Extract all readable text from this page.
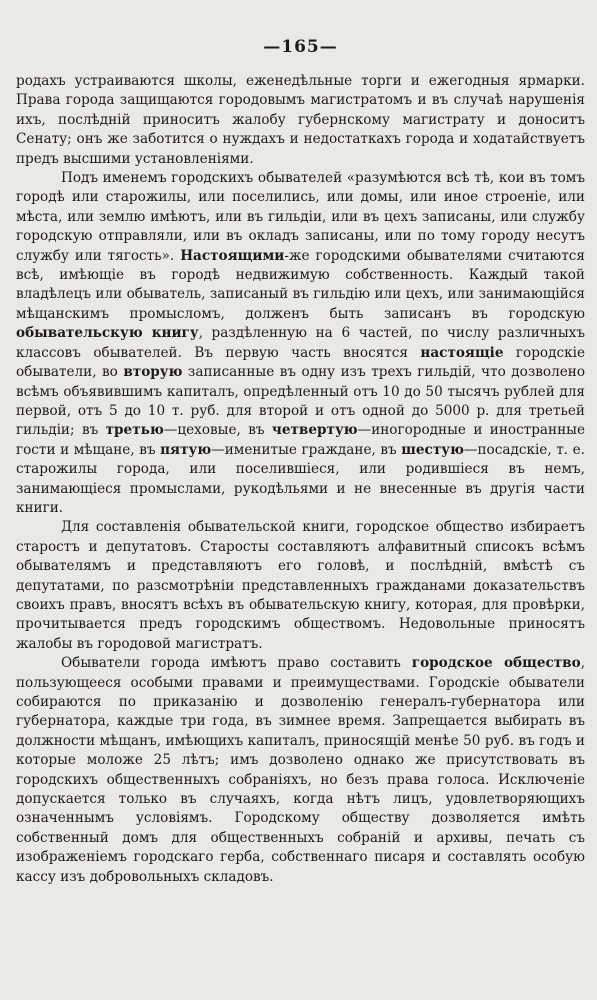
—165—

родахъ устраиваются школы, еженедѣльные торги и ежегодныя ярмарки. Права города защищаются городовымъ магистратомъ и въ случаѣ нарушенія ихъ, послѣдній приноситъ жалобу губернскому магистрату и доноситъ Сенату; онъ же заботится о нуждахъ и недостаткахъ города и ходатайствуетъ предъ высшими установленіями.

Подъ именемъ городскихъ обывателей «разумѣются всѣ тѣ, кои въ томъ городѣ или старожилы, или поселились, или домы, или иное строеніе, или мѣста, или землю имѣютъ, или въ гильдіи, или въ цехъ записаны, или службу городскую отправляли, или въ окладъ записаны, или по тому городу несутъ службу или тягость». Настоящими-же городскими обывателями считаются всѣ, имѣющіе въ городѣ недвижимую собственность. Каждый такой владѣлецъ или обыватель, записаный въ гильдію или цехъ, или занимающійся мѣщанскимъ промысломъ, долженъ быть записанъ въ городскую обывательскую книгу, раздѣленную на 6 частей, по числу различныхъ классовъ обывателей. Въ первую часть вносятся настоящіе городскіе обыватели, во вторую записанные въ одну изъ трехъ гильдій, что дозволено всѣмъ объявившимъ капиталъ, опредѣленный отъ 10 до 50 тысячъ рублей для первой, отъ 5 до 10 т. руб. для второй и отъ одной до 5000 р. для третьей гильдіи; въ третью—цеховые, въ четвертую—иногородные и иностранные гости и мѣщане, въ пятую—именитые граждане, въ шестую—посадскіе, т. е. старожилы города, или поселившіеся, или родившіеся въ немъ, занимающіеся промыслами, рукодѣльями и не внесенные въ другія части книги.

Для составленія обывательской книги, городское общество избираетъ старостъ и депутатовъ. Старосты составляютъ алфавитный списокъ всѣмъ обывателямъ и представляютъ его головѣ, и послѣдній, вмѣстѣ съ депутатами, по разсмотрѣніи представленныхъ гражданами доказательствъ своихъ правъ, вносятъ всѣхъ въ обывательскую книгу, которая, для провѣрки, прочитывается предъ городскимъ обществомъ. Недовольные приносятъ жалобы въ городовой магистратъ.

Обыватели города имѣютъ право составить городское общество, пользующееся особыми правами и преимуществами. Городскіе обыватели собираются по приказанію и дозволенію генералъ-губернатора или губернатора, каждые три года, въ зимнее время. Запрещается выбирать въ должности мѣщанъ, имѣющихъ капиталъ, приносящій менѣе 50 руб. въ годъ и которые моложе 25 лѣтъ; имъ дозволено однако же присутствовать въ городскихъ общественныхъ собраніяхъ, но безъ права голоса. Исключеніе допускается только въ случаяхъ, когда нѣтъ лицъ, удовлетворяющихъ означеннымъ условіямъ. Городскому обществу дозволяется имѣть собственный домъ для общественныхъ собраній и архивы, печать съ изображеніемъ городскаго герба, собственнаго писаря и составлять особую кассу изъ добровольныхъ складовъ.
